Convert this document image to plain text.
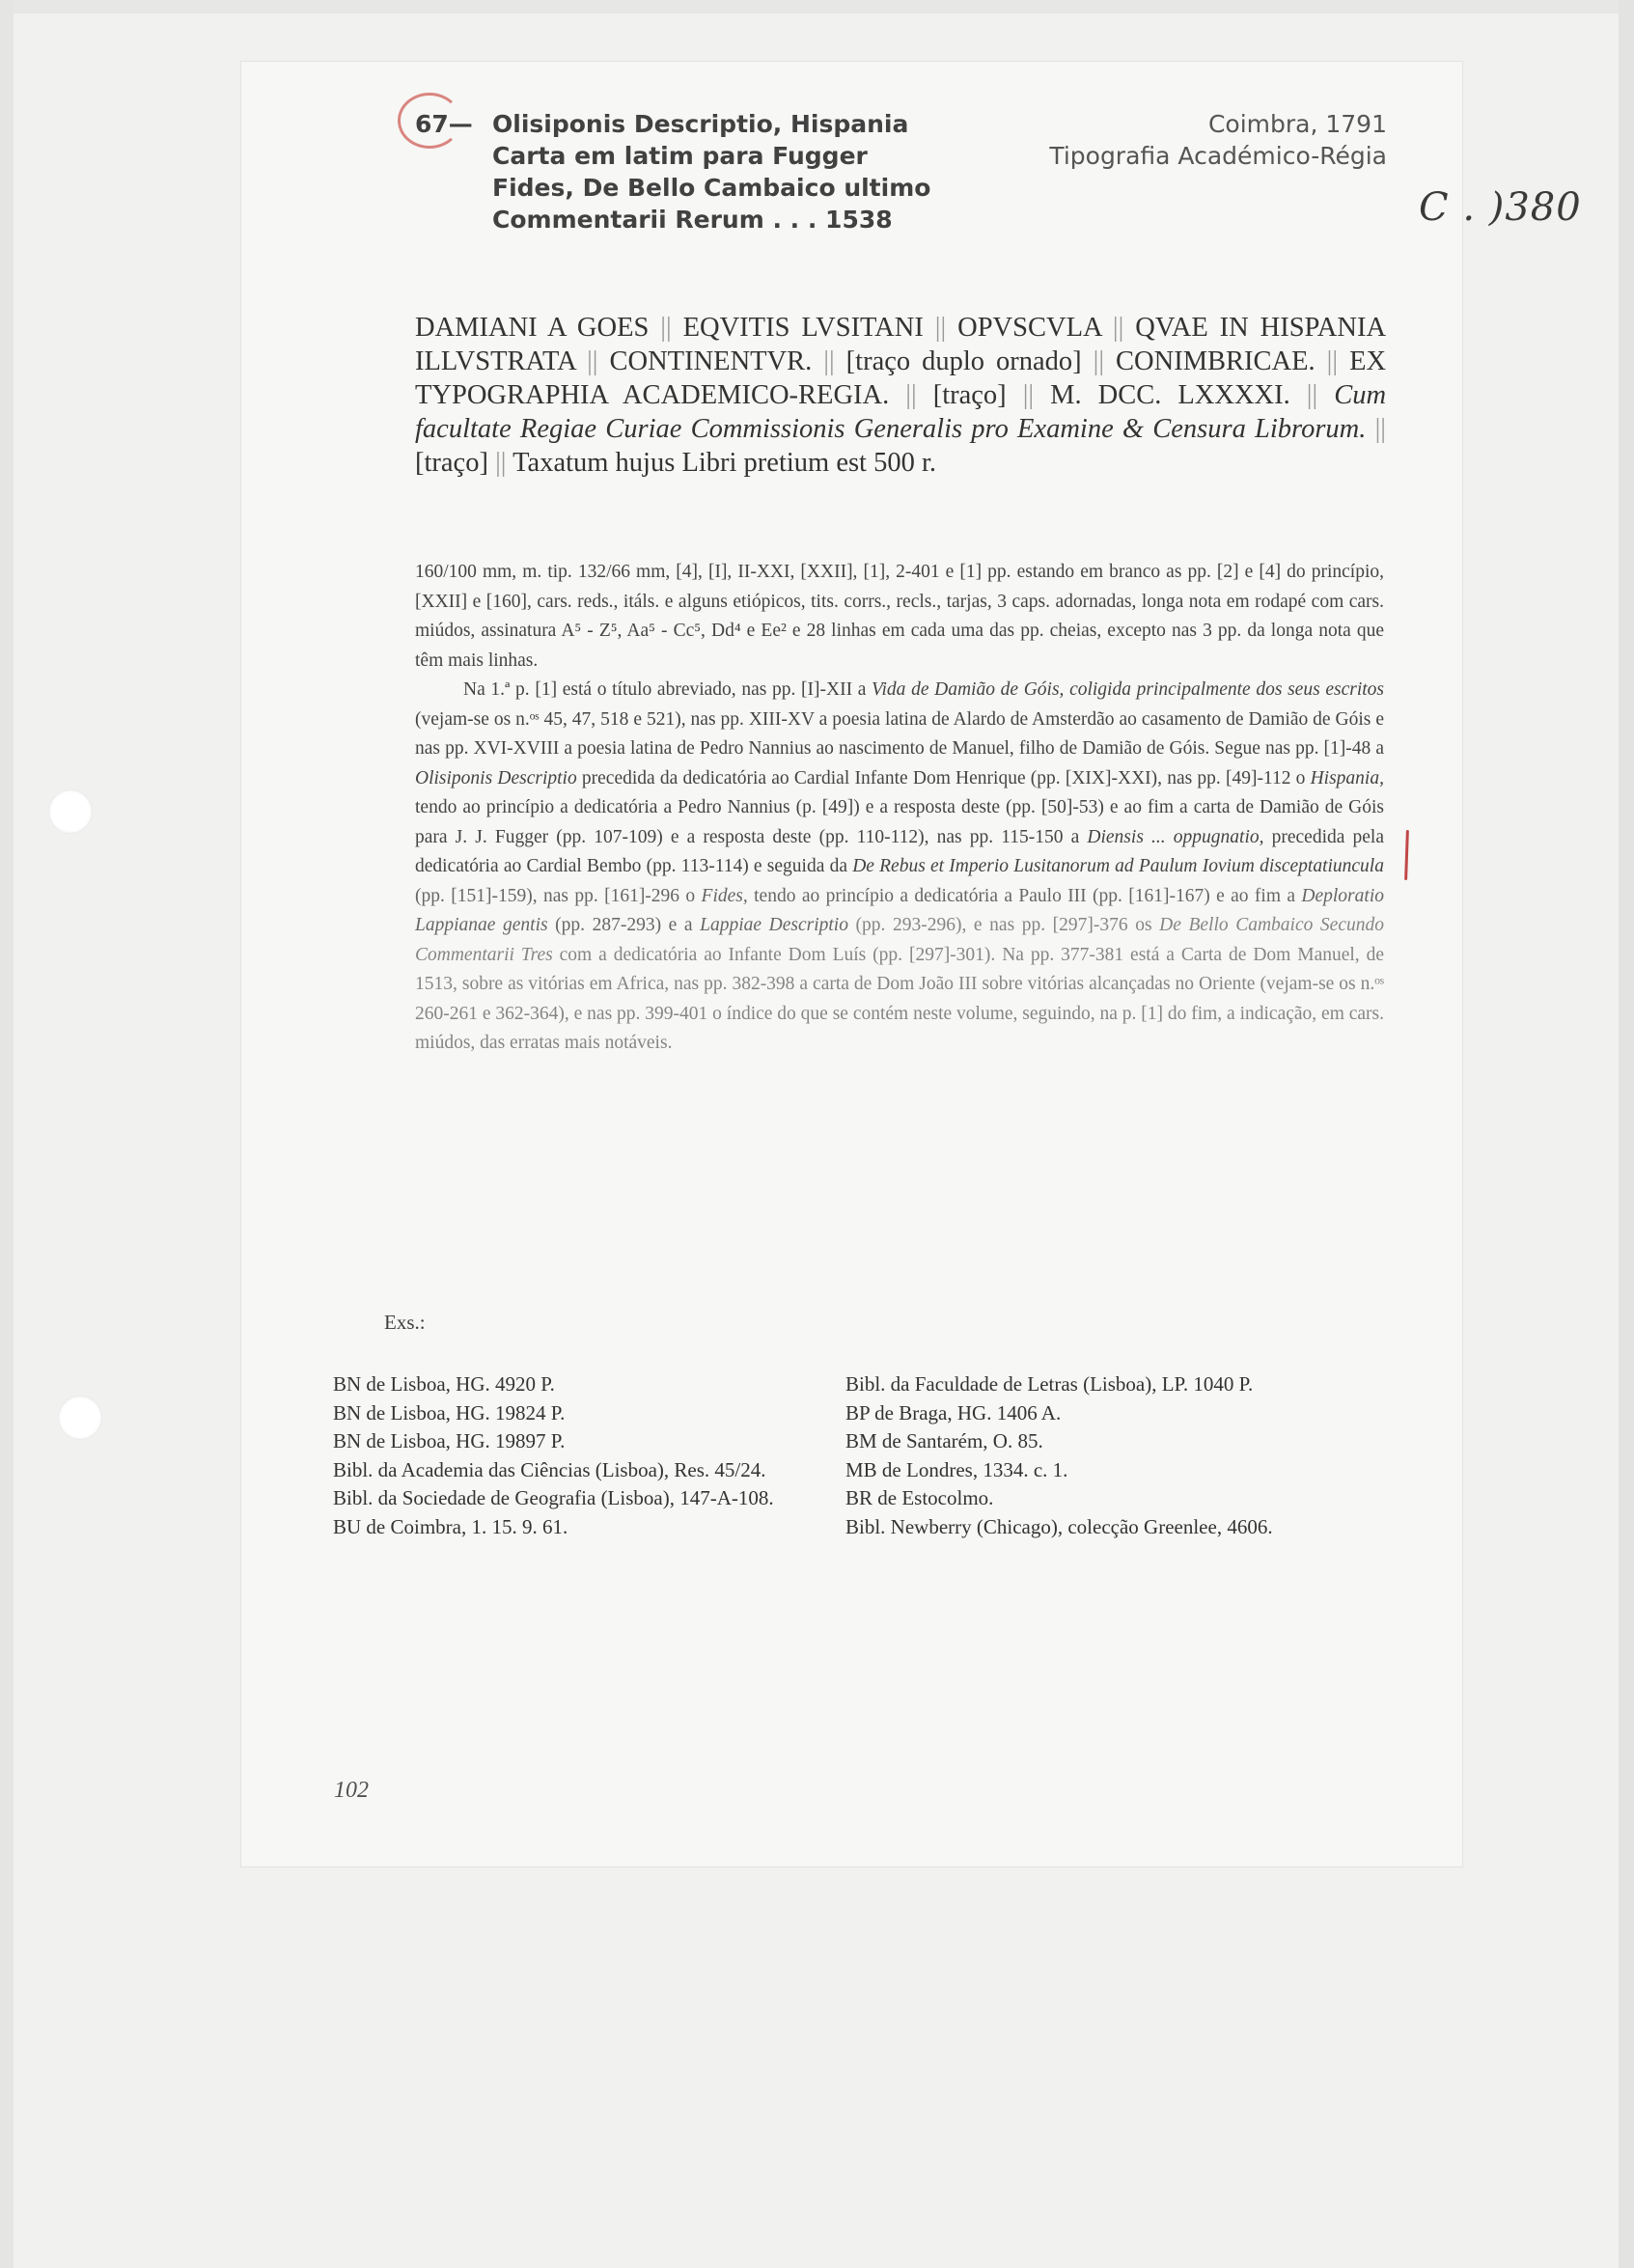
67— Olisiponis Descriptio, Hispania
Carta em latim para Fugger
Fides, De Bello Cambaico ultimo
Commentarii Rerum . . . 1538
Coimbra, 1791
Tipografia Académico-Régia
C . )380
DAMIANI A GOES || EQVITIS LVSITANI || OPVSCVLA || QVAE IN HISPANIA ILLVSTRATA || CONTINENTVR. || [traço duplo ornado] || CONIMBRICAE. || EX TYPOGRAPHIA ACADEMICO-REGIA. || [traço] || M. DCC. LXXXXI. || Cum facultate Regiae Curiae Commissionis Generalis pro Examine & Censura Librorum. || [traço] || Taxatum hujus Libri pretium est 500 r.

160/100 mm, m. tip. 132/66 mm, [4], [I], II-XXI, [XXII], [1], 2-401 e [1] pp. estando em branco as pp. [2] e [4] do princípio, [XXII] e [160], cars. reds., itáls. e alguns etiópicos, tits. corrs., recls., tarjas, 3 caps. adornadas, longa nota em rodapé com cars. miúdos, assinatura A⁵ - Z⁵, Aa⁵ - Cc⁵, Dd⁴ e Ee² e 28 linhas em cada uma das pp. cheias, excepto nas 3 pp. da longa nota que têm mais linhas.

Na 1.ª p. [1] está o título abreviado, nas pp. [I]-XII a Vida de Damião de Góis, coligida principalmente dos seus escritos (vejam-se os n.ᵒˢ 45, 47, 518 e 521), nas pp. XIII-XV a poesia latina de Alardo de Amsterdão ao casamento de Damião de Góis e nas pp. XVI-XVIII a poesia latina de Pedro Nannius ao nascimento de Manuel, filho de Damião de Góis. Segue nas pp. [1]-48 a Olisiponis Descriptio precedida da dedicatória ao Cardial Infante Dom Henrique (pp. [XIX]-XXI), nas pp. [49]-112 o Hispania, tendo ao princípio a dedicatória a Pedro Nannius (p. [49]) e a resposta deste (pp. [50]-53) e ao fim a carta de Damião de Góis para J. J. Fugger (pp. 107-109) e a resposta deste (pp. 110-112), nas pp. 115-150 a Diensis ... oppugnatio, precedida pela dedicatória ao Cardial Bembo (pp. 113-114) e seguida da De Rebus et Imperio Lusitanorum ad Paulum Iovium disceptatiuncula (pp. [151]-159), nas pp. [161]-296 o Fides, tendo ao princípio a dedicatória a Paulo III (pp. [161]-167) e ao fim a Deploratio Lappianae gentis (pp. 287-293) e a Lappiae Descriptio (pp. 293-296), e nas pp. [297]-376 os De Bello Cambaico Secundo Commentarii Tres com a dedicatória ao Infante Dom Luís (pp. [297]-301). Na pp. 377-381 está a Carta de Dom Manuel, de 1513, sobre as vitórias em Africa, nas pp. 382-398 a carta de Dom João III sobre vitórias alcançadas no Oriente (vejam-se os n.ᵒˢ 260-261 e 362-364), e nas pp. 399-401 o índice do que se contém neste volume, seguindo, na p. [1] do fim, a indicação, em cars. miúdos, das erratas mais notáveis.

Exs.:

BN de Lisboa, HG. 4920 P.

BN de Lisboa, HG. 19824 P.

BN de Lisboa, HG. 19897 P.

Bibl. da Academia das Ciências (Lisboa), Res. 45/24.

Bibl. da Sociedade de Geografia (Lisboa), 147-A-108.

BU de Coimbra, 1. 15. 9. 61.

Bibl. da Faculdade de Letras (Lisboa), LP. 1040 P.

BP de Braga, HG. 1406 A.

BM de Santarém, O. 85.

MB de Londres, 1334. c. 1.

BR de Estocolmo.

Bibl. Newberry (Chicago), colecção Greenlee, 4606.

102
